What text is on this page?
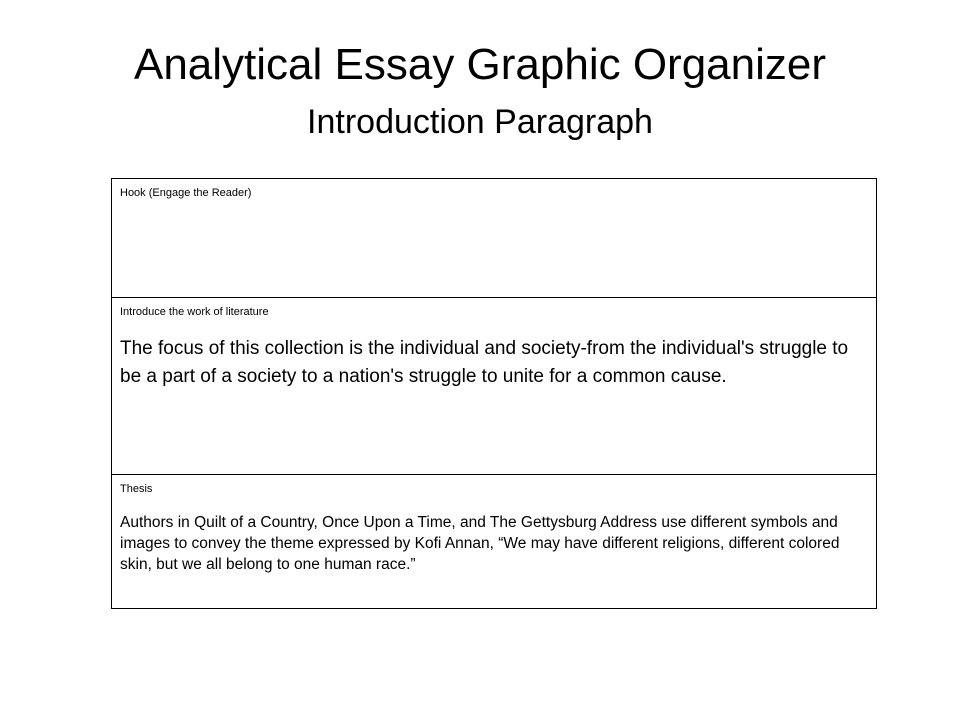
Analytical Essay Graphic Organizer
Introduction Paragraph
Hook (Engage the Reader)
Introduce the work of literature
The focus of this collection is the individual and society-from the individual's struggle to be a part of a society to a nation's struggle to unite for a common cause.
Thesis
Authors in Quilt of a Country, Once Upon a Time, and The Gettysburg Address use different symbols and images to convey the theme expressed by Kofi Annan, “We may have different religions, different colored skin, but we all belong to one human race.”
